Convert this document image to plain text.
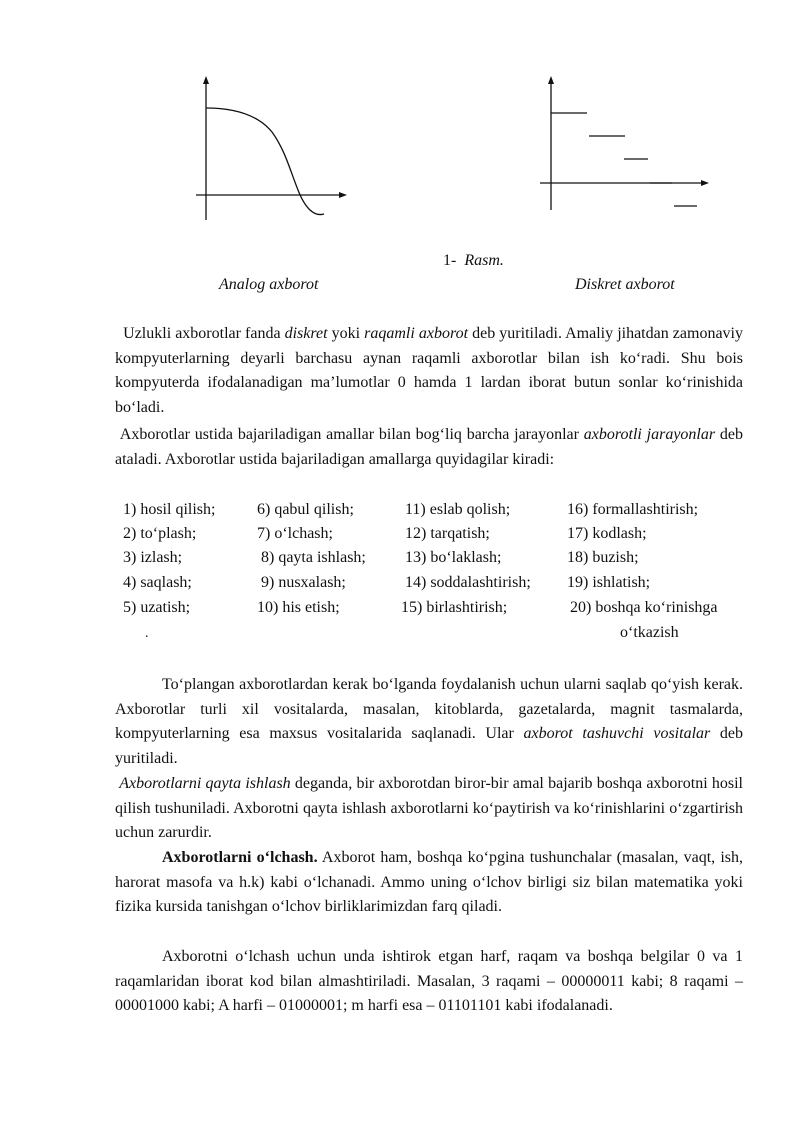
1- Rasm.
Analog axborot	Diskret axborot

Uzlukli axborotlar fanda diskret yoki raqamli axborot deb yuritiladi. Amaliy jihatdan zamonaviy kompyuterlarning deyarli barchasu aynan raqamli axborotlar bilan ish ko‘radi. Shu bois kompyuterda ifodalanadigan ma’lumotlar 0 hamda 1 lardan iborat butun sonlar ko‘rinishida bo‘ladi.

Axborotlar ustida bajariladigan amallar bilan bog‘liq barcha jarayonlar axborotli jarayonlar deb ataladi. Axborotlar ustida bajariladigan amallarga quyidagilar kiradi:

1) hosil qilish;
2) to‘plash;
3) izlash;
4) saqlash;
5) uzatish;
6) qabul qilish;
7) o‘lchash;
8) qayta ishlash;
9) nusxalash;
10) his etish;
11) eslab qolish;
12) tarqatish;
13) bo‘laklash;
14) soddalashtirish;
15) birlashtirish;
16) formallashtirish;
17) kodlash;
18) buzish;
19) ishlatish;
20) boshqa ko‘rinishga
.	o‘tkazish

To‘plangan axborotlardan kerak bo‘lganda foydalanish uchun ularni saqlab qo‘yish kerak. Axborotlar turli xil vositalarda, masalan, kitoblarda, gazetalarda, magnit tasmalarda, kompyuterlarning esa maxsus vositalarida saqlanadi. Ular axborot tashuvchi vositalar deb yuritiladi.

Axborotlarni qayta ishlash deganda, bir axborotdan biror-bir amal bajarib boshqa axborotni hosil qilish tushuniladi. Axborotni qayta ishlash axborotlarni ko‘paytirish va ko‘rinishlarini o‘zgartirish uchun zarurdir.

Axborotlarni o‘lchash. Axborot ham, boshqa ko‘pgina tushunchalar (masalan, vaqt, ish, harorat masofa va h.k) kabi o‘lchanadi. Ammo uning o‘lchov birligi siz bilan matematika yoki fizika kursida tanishgan o‘lchov birliklarimizdan farq qiladi.

Axborotni o‘lchash uchun unda ishtirok etgan harf, raqam va boshqa belgilar 0 va 1 raqamlaridan iborat kod bilan almashtiriladi. Masalan, 3 raqami – 00000011 kabi; 8 raqami – 00001000 kabi; A harfi – 01000001; m harfi esa – 01101101 kabi ifodalanadi.
